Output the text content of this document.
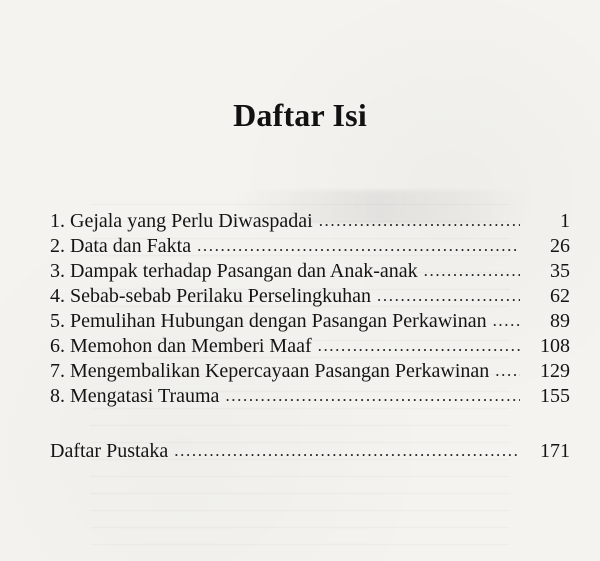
Daftar Isi
1. Gejala yang Perlu Diwaspadai .....	1
2. Data dan Fakta .....	26
3. Dampak terhadap Pasangan dan Anak-anak .....	35
4. Sebab-sebab Perilaku Perselingkuhan .....	62
5. Pemulihan Hubungan dengan Pasangan Perkawinan .....	89
6. Memohon dan Memberi Maaf .....	108
7. Mengembalikan Kepercayaan Pasangan Perkawinan .....	129
8. Mengatasi Trauma .....	155
Daftar Pustaka .....	171
